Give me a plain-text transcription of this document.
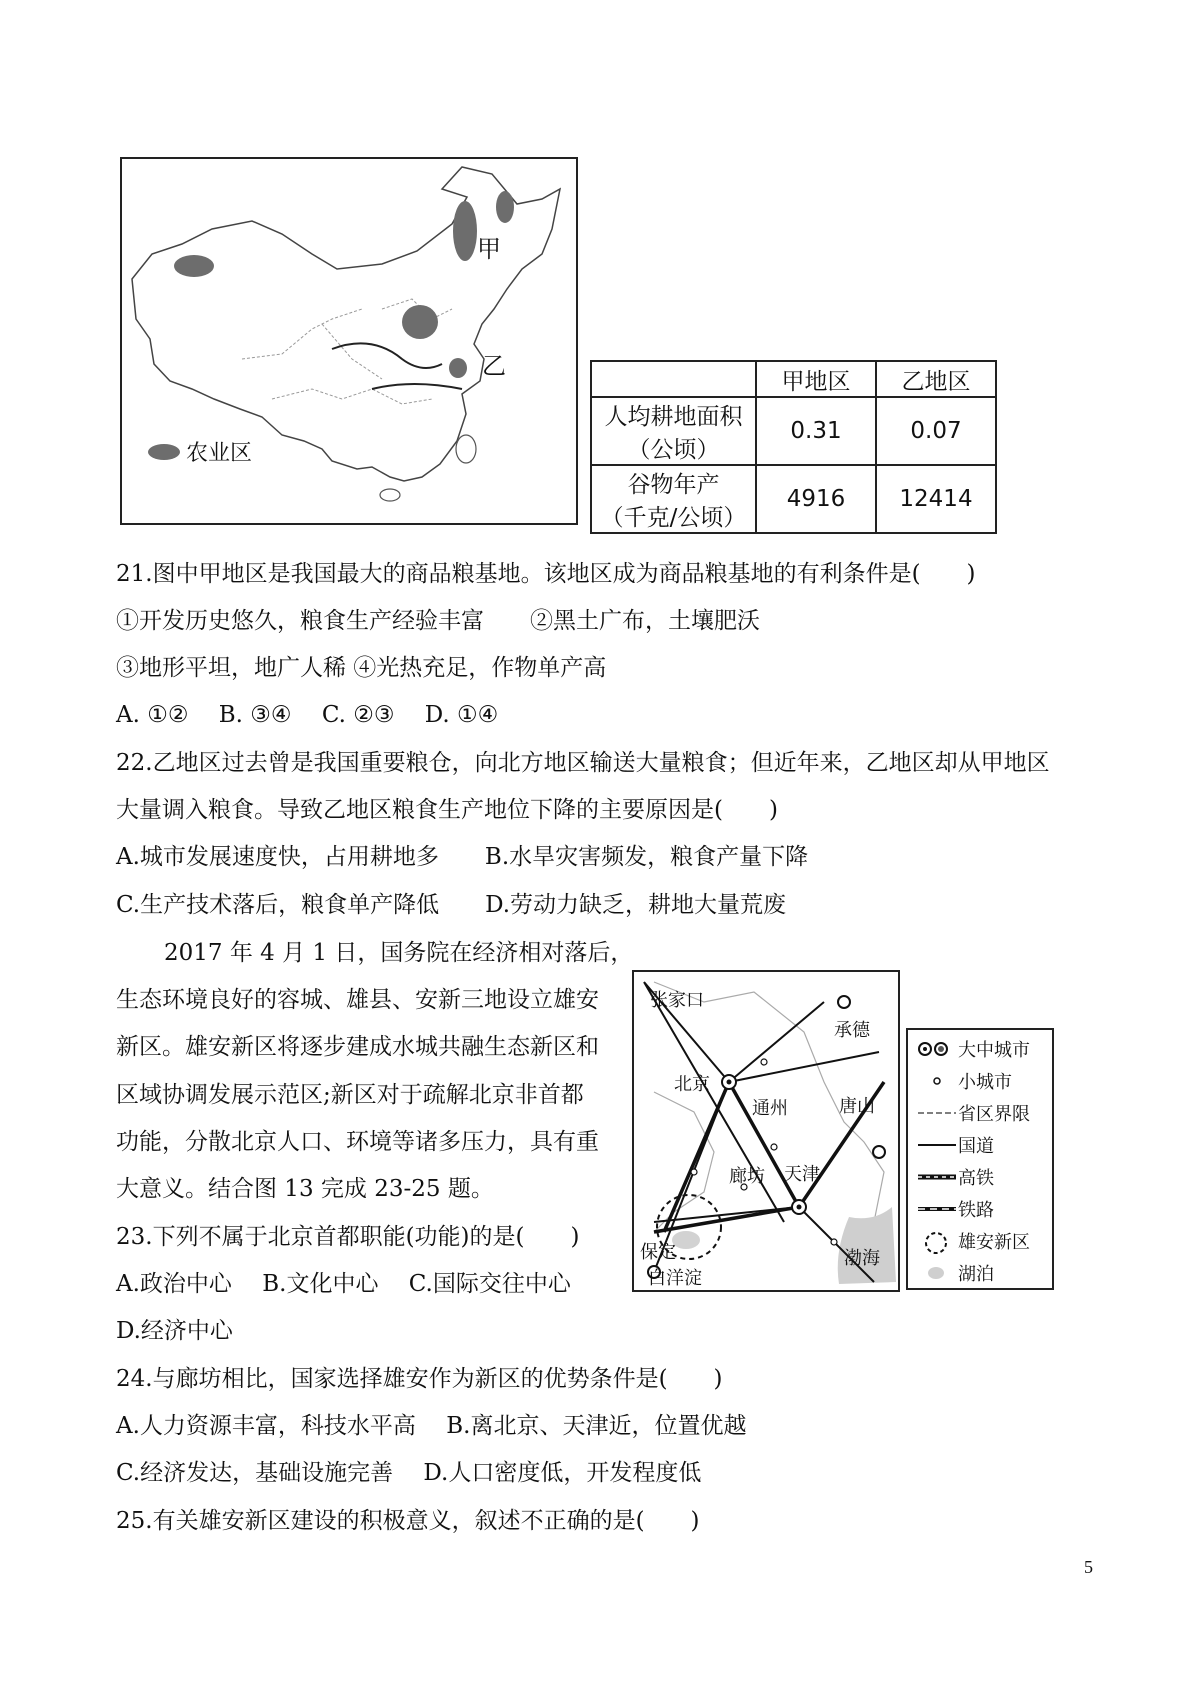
甲
乙
农业区
	甲地区	乙地区

人均耕地面积
（公顷）	0.31	0.07

谷物年产
（千克/公顷）	4916	12414
21.图中甲地区是我国最大的商品粮基地。该地区成为商品粮基地的有利条件是(　　)
①开发历史悠久，粮食生产经验丰富　　②黑土广布，土壤肥沃
③地形平坦，地广人稀 ④光热充足，作物单产高
A. ①②　 B. ③④　 C. ②③　 D. ①④
22.乙地区过去曾是我国重要粮仓，向北方地区输送大量粮食；但近年来，乙地区却从甲地区
大量调入粮食。导致乙地区粮食生产地位下降的主要原因是(　　)
A.城市发展速度快，占用耕地多　　B.水旱灾害频发，粮食产量下降
C.生产技术落后，粮食单产降低　　D.劳动力缺乏，耕地大量荒废
2017 年 4 月 1 日，国务院在经济相对落后，
生态环境良好的容城、雄县、安新三地设立雄安
新区。雄安新区将逐步建成水城共融生态新区和
区域协调发展示范区;新区对于疏解北京非首都
功能，分散北京人口、环境等诸多压力，具有重
大意义。结合图 13 完成 23-25 题。
23.下列不属于北京首都职能(功能)的是(　　)
A.政治中心　 B.文化中心　 C.国际交往中心
D.经济中心
24.与廊坊相比，国家选择雄安作为新区的优势条件是(　　)
A.人力资源丰富，科技水平高　 B.离北京、天津近，位置优越
C.经济发达，基础设施完善　 D.人口密度低，开发程度低
25.有关雄安新区建设的积极意义，叙述不正确的是(　　)
张家口
承德
北京
通州	唐山
廊坊 天津
保定
白洋淀
渤海
大中城市
小城市
省区界限
国道
高铁
铁路
雄安新区
湖泊
5
